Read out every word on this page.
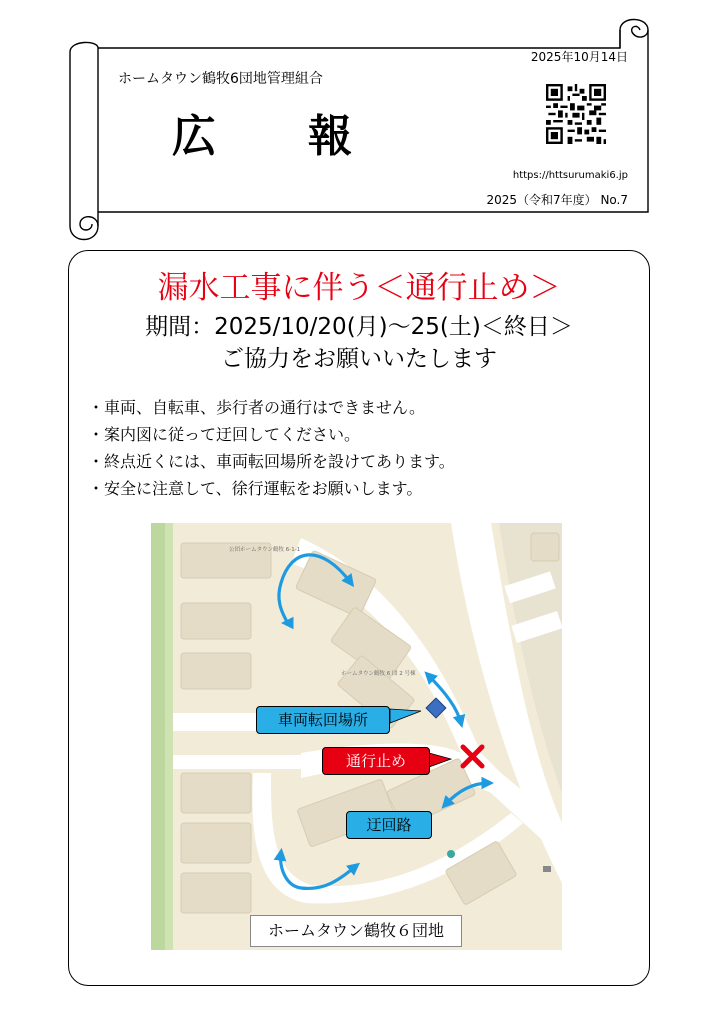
2025年10月14日
ホームタウン鶴牧6団地管理組合
広報
https://httsurumaki6.jp
2025（令和7年度） No.7
漏水工事に伴う＜通行止め＞
期間：2025/10/20(月)～25(土)＜終日＞
ご協力をお願いいたします
・車両、自転車、歩行者の通行はできません。
・案内図に従って迂回してください。
・終点近くには、車両転回場所を設けてあります。
・安全に注意して、徐行運転をお願いします。
公団ホームタウン鶴牧 6-1-1
ホームタウン鶴牧 6 団 2 号棟
車両転回場所
通行止め
迂回路
ホームタウン鶴牧６団地
